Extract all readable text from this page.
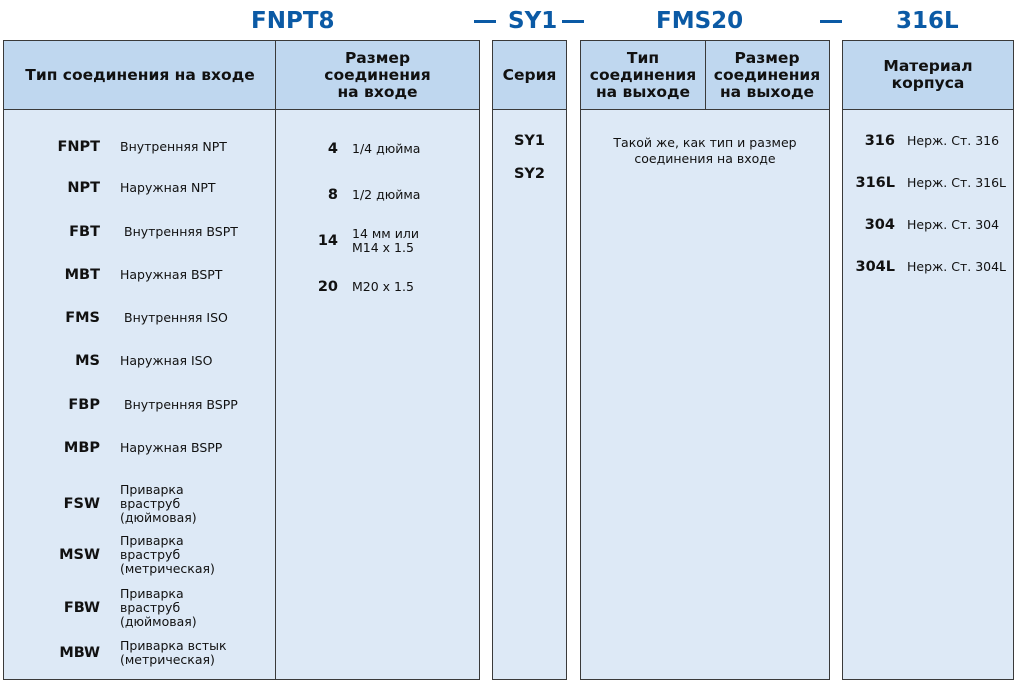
FNPT8	SY1	FMS20	316L
Тип соединения на входе
Размер
соединения
на входе
FNPT Внутренняя NPT
NPT Наружная NPT
FBT Внутренняя BSPT
MBT Наружная BSPT
FMS Внутренняя ISO
MS Наружная ISO
FBP Внутренняя BSPP
MBP Наружная BSPP
FSW
Приварка
враструб
(дюймовая)
MSW
Приварка
враструб
(метрическая)
FBW
Приварка
враструб
(дюймовая)
MBW Приварка встык
(метрическая)
4 1/4 дюйма
8 1/2 дюйма
14 14 мм или
M14 x 1.5
20 M20 x 1.5
Серия
SY1
SY2
Тип
соединения
на выходе
Размер
соединения
на выходе
Такой же, как тип и размер
соединения на входе
Материал
корпуса
316 Нерж. Ст. 316
316L Нерж. Ст. 316L
304 Нерж. Ст. 304
304L Нерж. Ст. 304L
